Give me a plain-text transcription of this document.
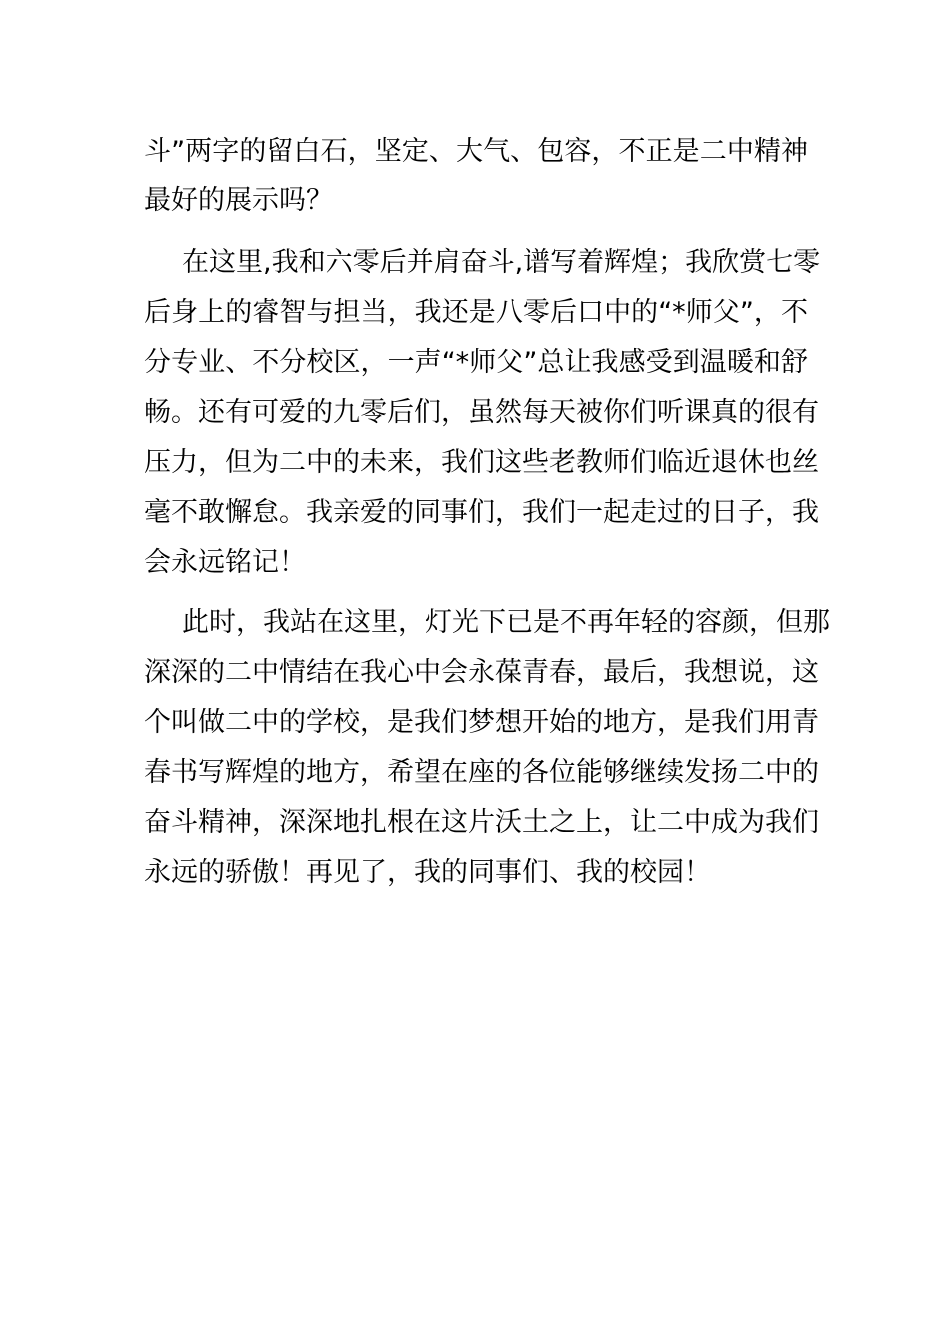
斗”两字的留白石，坚定、大气、包容，不正是二中精神
最好的展示吗？
在这里,我和六零后并肩奋斗,谱写着辉煌；我欣赏七零
后身上的睿智与担当，我还是八零后口中的“*师父”，不
分专业、不分校区，一声“*师父”总让我感受到温暖和舒
畅。还有可爱的九零后们，虽然每天被你们听课真的很有
压力，但为二中的未来，我们这些老教师们临近退休也丝
毫不敢懈怠。我亲爱的同事们，我们一起走过的日子，我
会永远铭记！
此时，我站在这里，灯光下已是不再年轻的容颜，但那
深深的二中情结在我心中会永葆青春，最后，我想说，这
个叫做二中的学校，是我们梦想开始的地方，是我们用青
春书写辉煌的地方，希望在座的各位能够继续发扬二中的
奋斗精神，深深地扎根在这片沃土之上，让二中成为我们
永远的骄傲！再见了，我的同事们、我的校园！
